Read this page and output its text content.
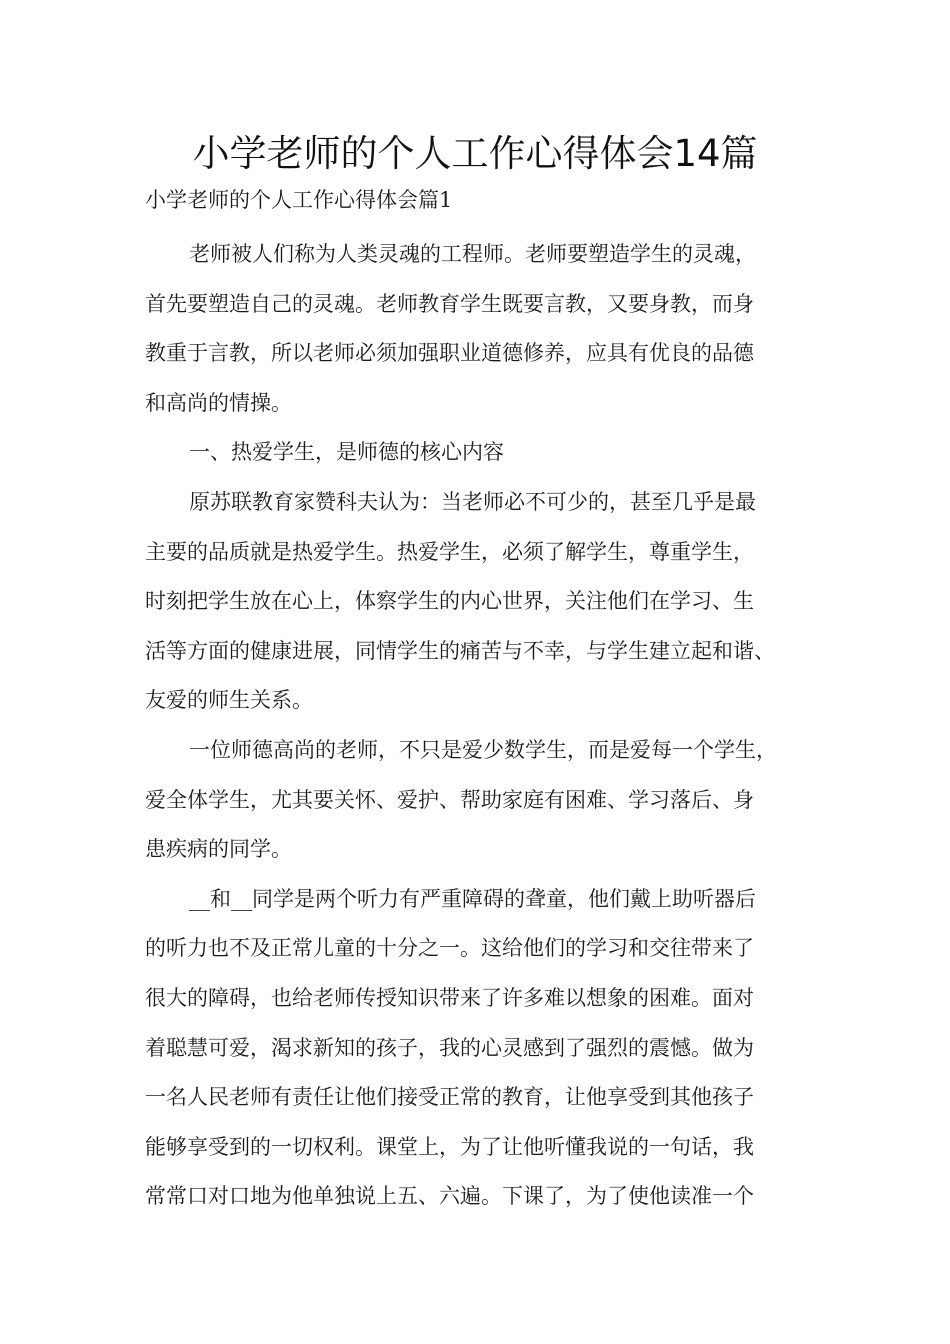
小学老师的个人工作心得体会14篇

小学老师的个人工作心得体会篇1

老师被人们称为人类灵魂的工程师。老师要塑造学生的灵魂，
首先要塑造自己的灵魂。老师教育学生既要言教，又要身教，而身
教重于言教，所以老师必须加强职业道德修养，应具有优良的品德
和高尚的情操。
一、热爱学生，是师德的核心内容
原苏联教育家赞科夫认为：当老师必不可少的，甚至几乎是最
主要的品质就是热爱学生。热爱学生，必须了解学生，尊重学生，
时刻把学生放在心上，体察学生的内心世界，关注他们在学习、生
活等方面的健康进展，同情学生的痛苦与不幸，与学生建立起和谐、
友爱的师生关系。
一位师德高尚的老师，不只是爱少数学生，而是爱每一个学生，
爱全体学生，尤其要关怀、爱护、帮助家庭有困难、学习落后、身
患疾病的同学。
__和__同学是两个听力有严重障碍的聋童，他们戴上助听器后
的听力也不及正常儿童的十分之一。这给他们的学习和交往带来了
很大的障碍，也给老师传授知识带来了许多难以想象的困难。面对
着聪慧可爱，渴求新知的孩子，我的心灵感到了强烈的震憾。做为
一名人民老师有责任让他们接受正常的教育，让他享受到其他孩子
能够享受到的一切权利。课堂上，为了让他听懂我说的一句话，我
常常口对口地为他单独说上五、六遍。下课了，为了使他读准一个
